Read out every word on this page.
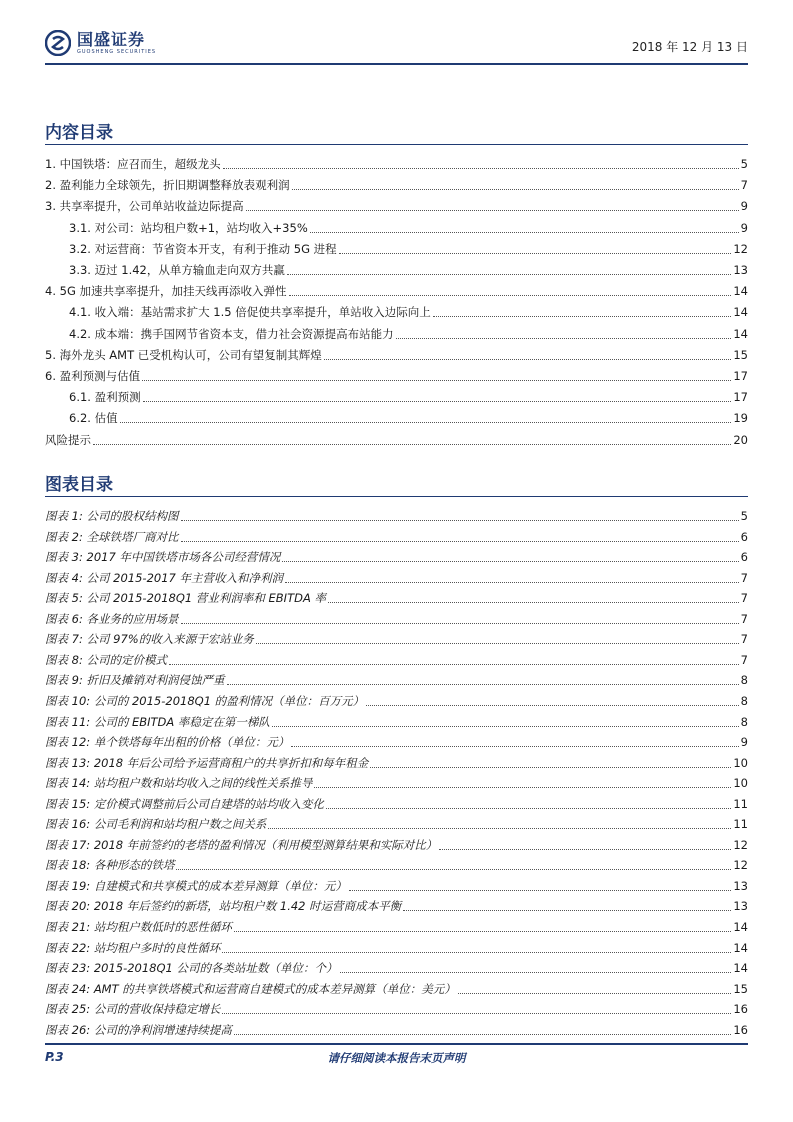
国盛证券
GUOSHENG SECURITIES	2018 年 12 月 13 日
内容目录
1. 中国铁塔：应召而生，超级龙头	5
2. 盈利能力全球领先，折旧期调整释放表观利润	7
3. 共享率提升，公司单站收益边际提高	9
3.1. 对公司：站均租户数+1，站均收入+35%	9
3.2. 对运营商：节省资本开支，有利于推动 5G 进程	12
3.3. 迈过 1.42，从单方输血走向双方共赢	13
4. 5G 加速共享率提升，加挂天线再添收入弹性	14
4.1. 收入端：基站需求扩大 1.5 倍促使共享率提升，单站收入边际向上	14
4.2. 成本端：携手国网节省资本支，借力社会资源提高布站能力	14
5. 海外龙头 AMT 已受机构认可，公司有望复制其辉煌	15
6. 盈利预测与估值	17
6.1. 盈利预测	17
6.2. 估值	19
风险提示	20
图表目录
图表 1: 公司的股权结构图	5
图表 2: 全球铁塔厂商对比	6
图表 3: 2017 年中国铁塔市场各公司经营情况	6
图表 4: 公司 2015-2017 年主营收入和净利润	7
图表 5: 公司 2015-2018Q1 营业利润率和 EBITDA 率	7
图表 6: 各业务的应用场景	7
图表 7: 公司 97%的收入来源于宏站业务	7
图表 8: 公司的定价模式	7
图表 9: 折旧及摊销对利润侵蚀严重	8
图表 10: 公司的 2015-2018Q1 的盈利情况（单位：百万元）	8
图表 11: 公司的 EBITDA 率稳定在第一梯队	8
图表 12: 单个铁塔每年出租的价格（单位：元）	9
图表 13: 2018 年后公司给予运营商租户的共享折扣和每年租金	10
图表 14: 站均租户数和站均收入之间的线性关系推导	10
图表 15: 定价模式调整前后公司自建塔的站均收入变化	11
图表 16: 公司毛利润和站均租户数之间关系	11
图表 17: 2018 年前签约的老塔的盈利情况（利用模型测算结果和实际对比）	12
图表 18: 各种形态的铁塔	12
图表 19: 自建模式和共享模式的成本差异测算（单位：元）	13
图表 20: 2018 年后签约的新塔，站均租户数 1.42 时运营商成本平衡	13
图表 21: 站均租户数低时的恶性循环	14
图表 22: 站均租户多时的良性循环	14
图表 23: 2015-2018Q1 公司的各类站址数（单位：个）	14
图表 24: AMT 的共享铁塔模式和运营商自建模式的成本差异测算（单位：美元）	15
图表 25: 公司的营收保持稳定增长	16
图表 26: 公司的净利润增速持续提高	16
P.3	请仔细阅读本报告末页声明
